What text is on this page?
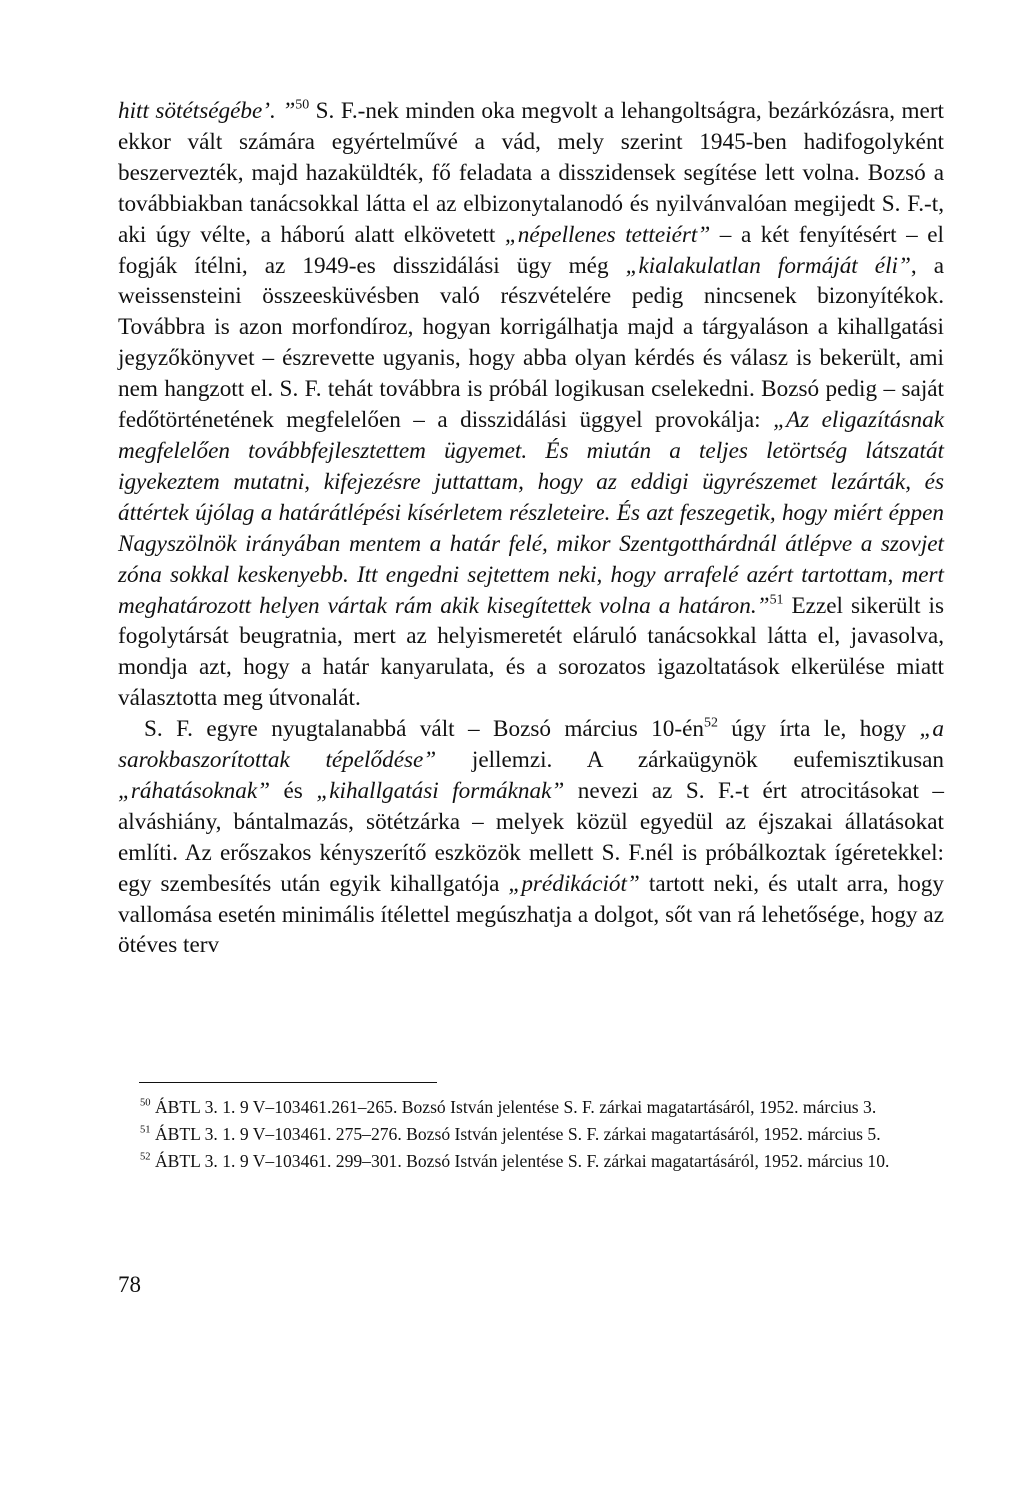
hitt sötétségébe’. ”$^{50}$ S. F.-nek minden oka megvolt a lehangoltságra, bezárkózásra, mert ekkor vált számára egyértelművé a vád, mely szerint 1945-ben hadifogolyként beszervezték, majd hazaküldték, fő feladata a disszidensek segítése lett volna. Bozsó a továbbiakban tanácsokkal látta el az elbizonytalanodó és nyilvánvalóan megijedt S. F.-t, aki úgy vélte, a háború alatt elkövetett „népellenes tetteiért” – a két fenyítésért – el fogják ítélni, az 1949-es disszidálási ügy még „kialakulatlan formáját éli”, a weissensteini összeesküvésben való részvételére pedig nincsenek bizonyítékok. Továbbra is azon morfondíroz, hogyan korrigálhatja majd a tárgyaláson a kihallgatási jegyzőkönyvet – észrevette ugyanis, hogy abba olyan kérdés és válasz is bekerült, ami nem hangzott el. S. F. tehát továbbra is próbál logikusan cselekedni. Bozsó pedig – saját fedőtörténetének megfelelően – a disszidálási üggyel provokálja: „Az eligazításnak megfelelően továbbfejlesztettem ügyemet. És miután a teljes letörtség látszatát igyekeztem mutatni, kifejezésre juttattam, hogy az eddigi ügyrészemet lezárták, és áttértek újólag a határátlépési kísérletem részleteire. És azt feszegetik, hogy miért éppen Nagyszölnök irányában mentem a határ felé, mikor Szentgotthárdnál átlépve a szovjet zóna sokkal keskenyebb. Itt engedni sejtettem neki, hogy arrafelé azért tartottam, mert meghatározott helyen vártak rám akik kisegítettek volna a határon.”$^{51}$ Ezzel sikerült is fogolytársát beugratnia, mert az helyismeretét eláruló tanácsokkal látta el, javasolva, mondja azt, hogy a határ kanyarulata, és a sorozatos igazoltatások elkerülése miatt választotta meg útvonalát.

S. F. egyre nyugtalanabbá vált – Bozsó március $10-én^{52}$ úgy írta le, hogy „a sarokbaszorítottak tépelődése” jellemzi. A zárkaügynök eufemisztikusan „ráhatásoknak” és „kihallgatási formáknak” nevezi az S. F.-t ért atrocitásokat – alváshiány, bántalmazás, sötétzárka – melyek közül egyedül az éjszakai állatásokat említi. Az erőszakos kényszerítő eszközök mellett S. F.nél is próbálkoztak ígéretekkel: egy szembesítés után egyik kihallgatója „prédikációt” tartott neki, és utalt arra, hogy vallomása esetén minimális ítélettel megúszhatja a dolgot, sőt van rá lehetősége, hogy az ötéves terv

$^{50}$ ÁBTL 3. 1. 9 V–103461.261–265. Bozsó István jelentése S. F. zárkai magatartásáról, 1952. március 3.

$^{51}$ ÁBTL 3. 1. 9 V–103461. 275–276. Bozsó István jelentése S. F. zárkai magatartásáról, 1952. március 5.

$^{52}$ ÁBTL 3. 1. 9 V–103461. 299–301. Bozsó István jelentése S. F. zárkai magatartásáról, 1952. március 10.

78
